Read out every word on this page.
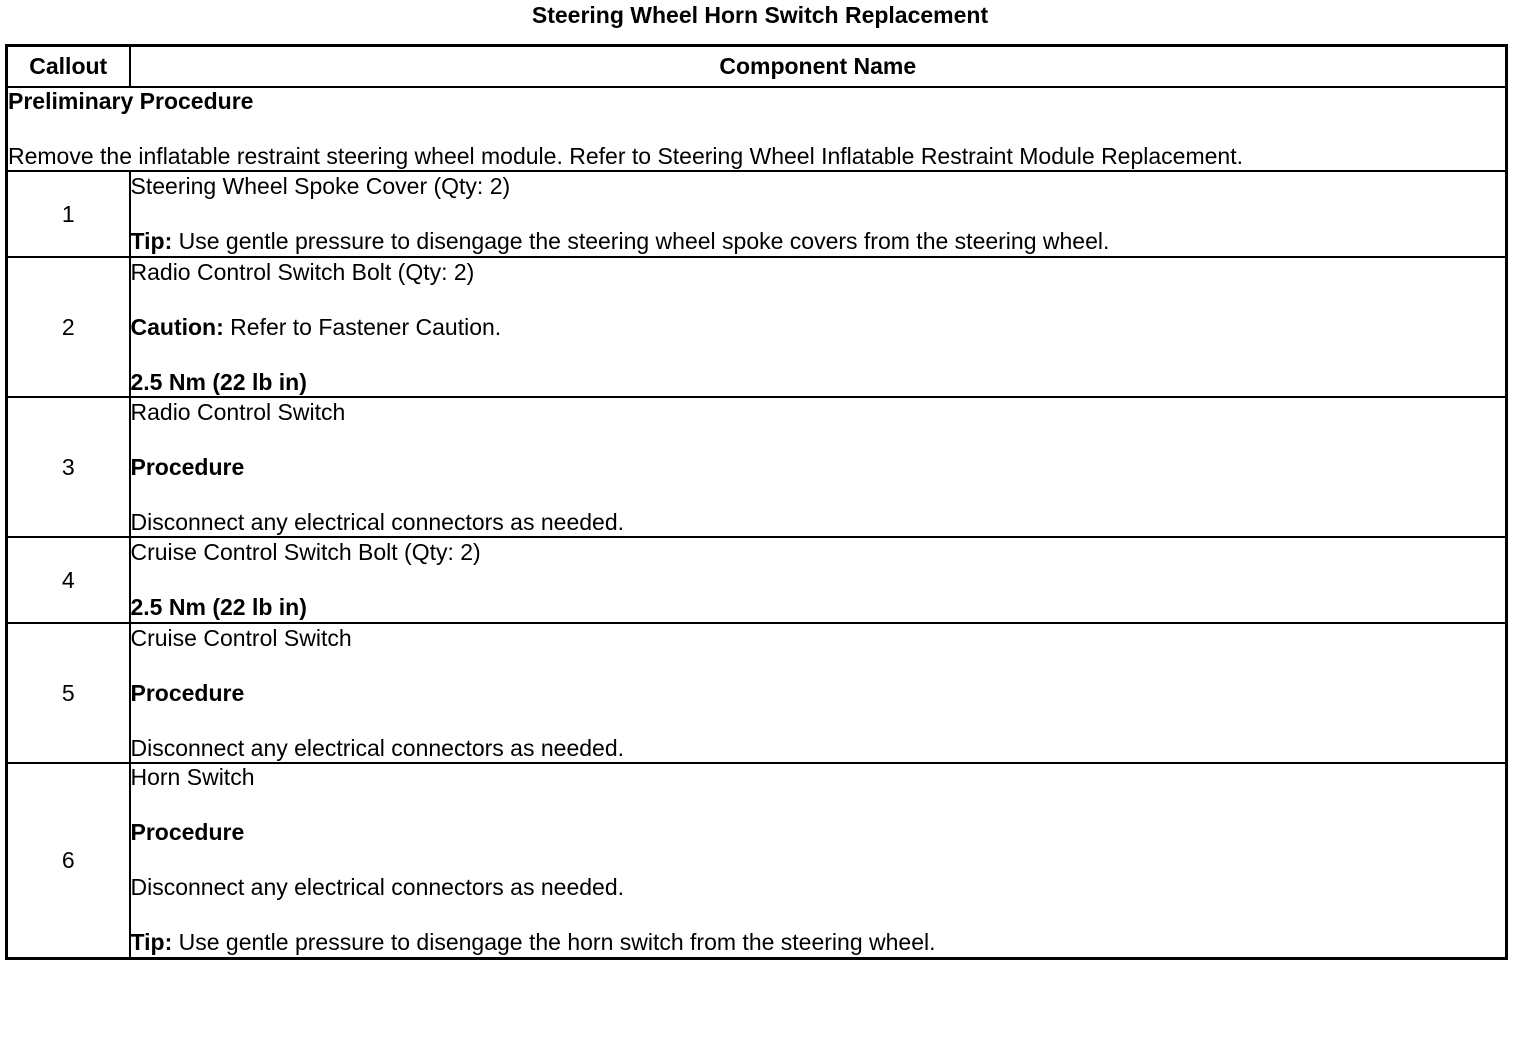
Steering Wheel Horn Switch Replacement
Callout	Component Name

Preliminary Procedure
Remove the inflatable restraint steering wheel module. Refer to Steering Wheel Inflatable Restraint Module Replacement.	

1	Steering Wheel Spoke Cover (Qty: 2)
Tip: Use gentle pressure to disengage the steering wheel spoke covers from the steering wheel.

2	Radio Control Switch Bolt (Qty: 2)
Caution: Refer to Fastener Caution.
2.5 Nm (22 lb in)

3	Radio Control Switch
Procedure
Disconnect any electrical connectors as needed.

4	Cruise Control Switch Bolt (Qty: 2)
2.5 Nm (22 lb in)

5	Cruise Control Switch
Procedure
Disconnect any electrical connectors as needed.

6	Horn Switch
Procedure
Disconnect any electrical connectors as needed.
Tip: Use gentle pressure to disengage the horn switch from the steering wheel.
